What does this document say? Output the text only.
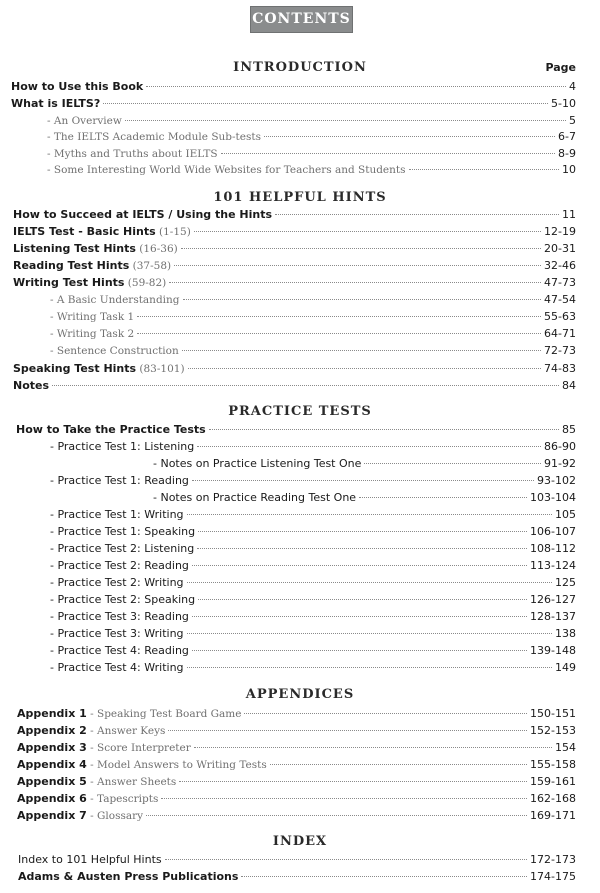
CONTENTS
INTRODUCTION	Page
How to Use this Book	4
What is IELTS?	5-10
- An Overview	5
- The IELTS Academic Module Sub-tests	6-7
- Myths and Truths about IELTS	8-9
- Some Interesting World Wide Websites for Teachers and Students	10
101 HELPFUL HINTS
How to Succeed at IELTS / Using the Hints	11
IELTS Test - Basic Hints (1-15)	12-19
Listening Test Hints (16-36)	20-31
Reading Test Hints (37-58)	32-46
Writing Test Hints (59-82)	47-73
- A Basic Understanding	47-54
- Writing Task 1	55-63
- Writing Task 2	64-71
- Sentence Construction	72-73
Speaking Test Hints (83-101)	74-83
Notes	84
PRACTICE TESTS
How to Take the Practice Tests	85
- Practice Test 1: Listening	86-90
- Notes on Practice Listening Test One	91-92
- Practice Test 1: Reading	93-102
- Notes on Practice Reading Test One	103-104
- Practice Test 1: Writing	105
- Practice Test 1: Speaking	106-107
- Practice Test 2: Listening	108-112
- Practice Test 2: Reading	113-124
- Practice Test 2: Writing	125
- Practice Test 2: Speaking	126-127
- Practice Test 3: Reading	128-137
- Practice Test 3: Writing	138
- Practice Test 4: Reading	139-148
- Practice Test 4: Writing	149
APPENDICES
Appendix 1 - Speaking Test Board Game	150-151
Appendix 2 - Answer Keys	152-153
Appendix 3 - Score Interpreter	154
Appendix 4 - Model Answers to Writing Tests	155-158
Appendix 5 - Answer Sheets	159-161
Appendix 6 - Tapescripts	162-168
Appendix 7 - Glossary	169-171
INDEX
Index to 101 Helpful Hints	172-173
Adams & Austen Press Publications	174-175
